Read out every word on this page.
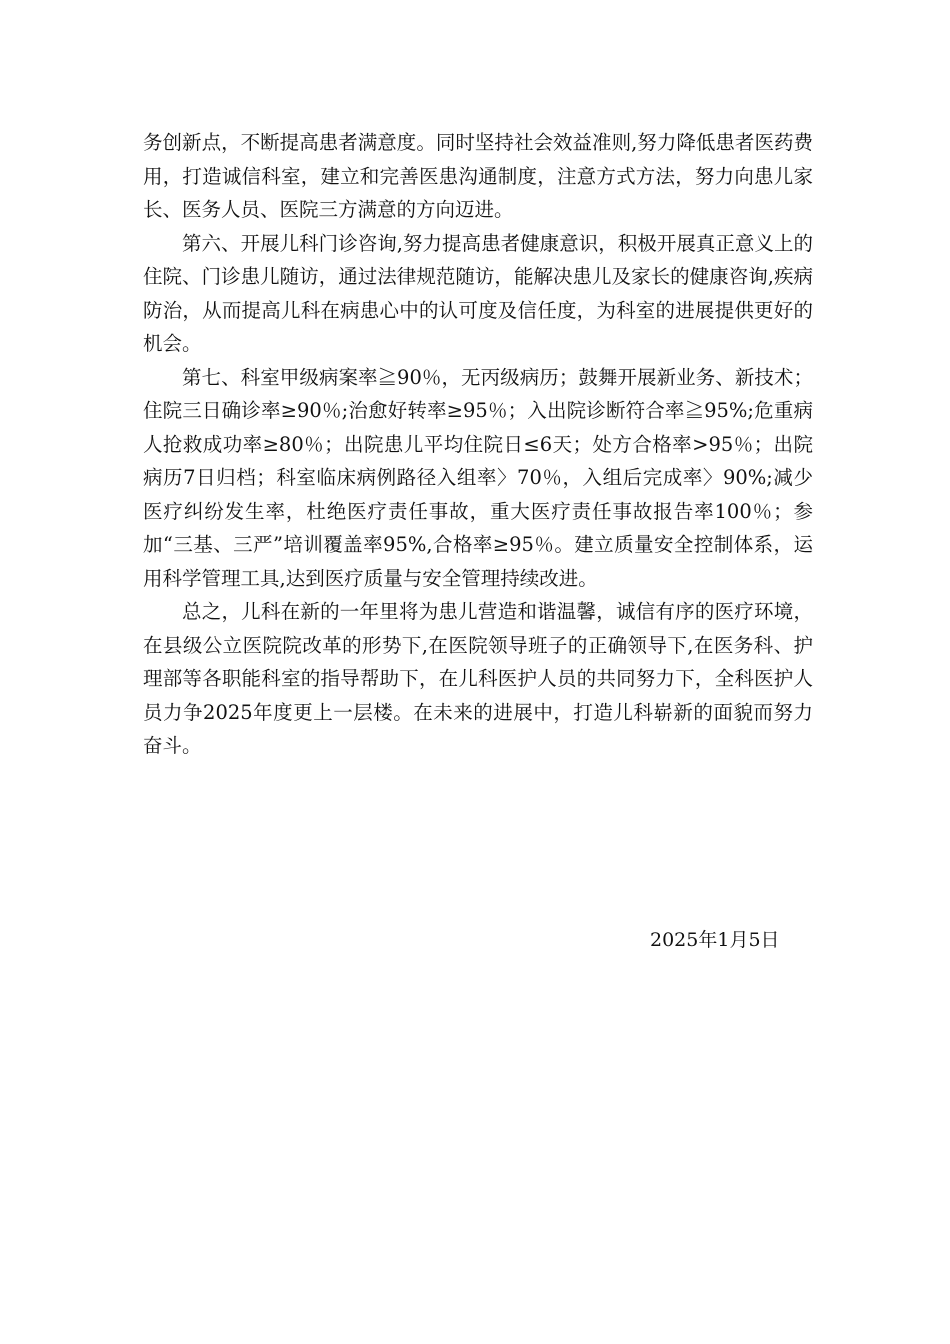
务创新点，不断提高患者满意度。同时坚持社会效益准则,努力降低患者医药费用，打造诚信科室，建立和完善医患沟通制度，注意方式方法，努力向患儿家长、医务人员、医院三方满意的方向迈进。

第六、开展儿科门诊咨询,努力提高患者健康意识，积极开展真正意义上的住院、门诊患儿随访，通过法律规范随访，能解决患儿及家长的健康咨询,疾病防治，从而提高儿科在病患心中的认可度及信任度，为科室的进展提供更好的机会。

第七、科室甲级病案率≧90％，无丙级病历；鼓舞开展新业务、新技术；住院三日确诊率≥90％;治愈好转率≥95％；入出院诊断符合率≧95%;危重病人抢救成功率≥80％；出院患儿平均住院日≤6天；处方合格率>95％；出院病历7日归档；科室临床病例路径入组率〉70％，入组后完成率〉90%;减少医疗纠纷发生率，杜绝医疗责任事故，重大医疗责任事故报告率100％；参加“三基、三严”培训覆盖率95%,合格率≥95％。建立质量安全控制体系，运用科学管理工具,达到医疗质量与安全管理持续改进。

总之，儿科在新的一年里将为患儿营造和谐温馨，诚信有序的医疗环境，在县级公立医院院改革的形势下,在医院领导班子的正确领导下,在医务科、护理部等各职能科室的指导帮助下，在儿科医护人员的共同努力下，全科医护人员力争2025年度更上一层楼。在未来的进展中，打造儿科崭新的面貌而努力奋斗。

2025年1月5日
